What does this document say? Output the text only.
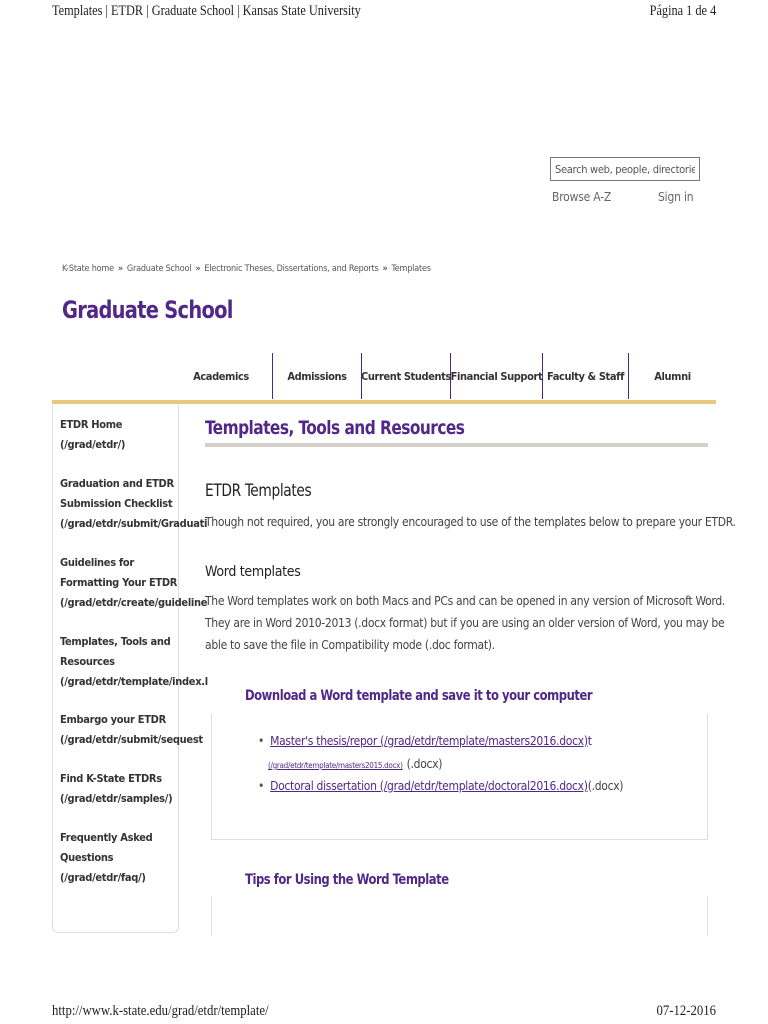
Templates | ETDR | Graduate School | Kansas State University	Página 1 de 4
Search web, people, directories
Browse A-Z	Sign in
K-State home » Graduate School » Electronic Theses, Dissertations, and Reports » Templates
Graduate School
Academics	Admissions	Current Students Financial Support Faculty & Staff	Alumni
ETDR Home
(/grad/etdr/)
Graduation and ETDR
Submission Checklist
(/grad/etdr/submit/Graduati
Guidelines for
Formatting Your ETDR
(/grad/etdr/create/guideline
Templates, Tools and
Resources
(/grad/etdr/template/index.l
Embargo your ETDR
(/grad/etdr/submit/sequest
Find K-State ETDRs
(/grad/etdr/samples/)
Frequently Asked
Questions
(/grad/etdr/faq/)
Templates, Tools and Resources
ETDR Templates
Though not required, you are strongly encouraged to use of the templates below to prepare your ETDR.
Word templates
The Word templates work on both Macs and PCs and can be opened in any version of Microsoft Word.
They are in Word 2010-2013 (.docx format) but if you are using an older version of Word, you may be
able to save the file in Compatibility mode (.doc format).
Download a Word template and save it to your computer
• Master's thesis/repor (/grad/etdr/template/masters2016.docx)t
(/grad/etdr/template/masters2015.docx) (.docx)
• Doctoral dissertation (/grad/etdr/template/doctoral2016.docx)(.docx)
Tips for Using the Word Template
http://www.k-state.edu/grad/etdr/template/	07-12-2016
